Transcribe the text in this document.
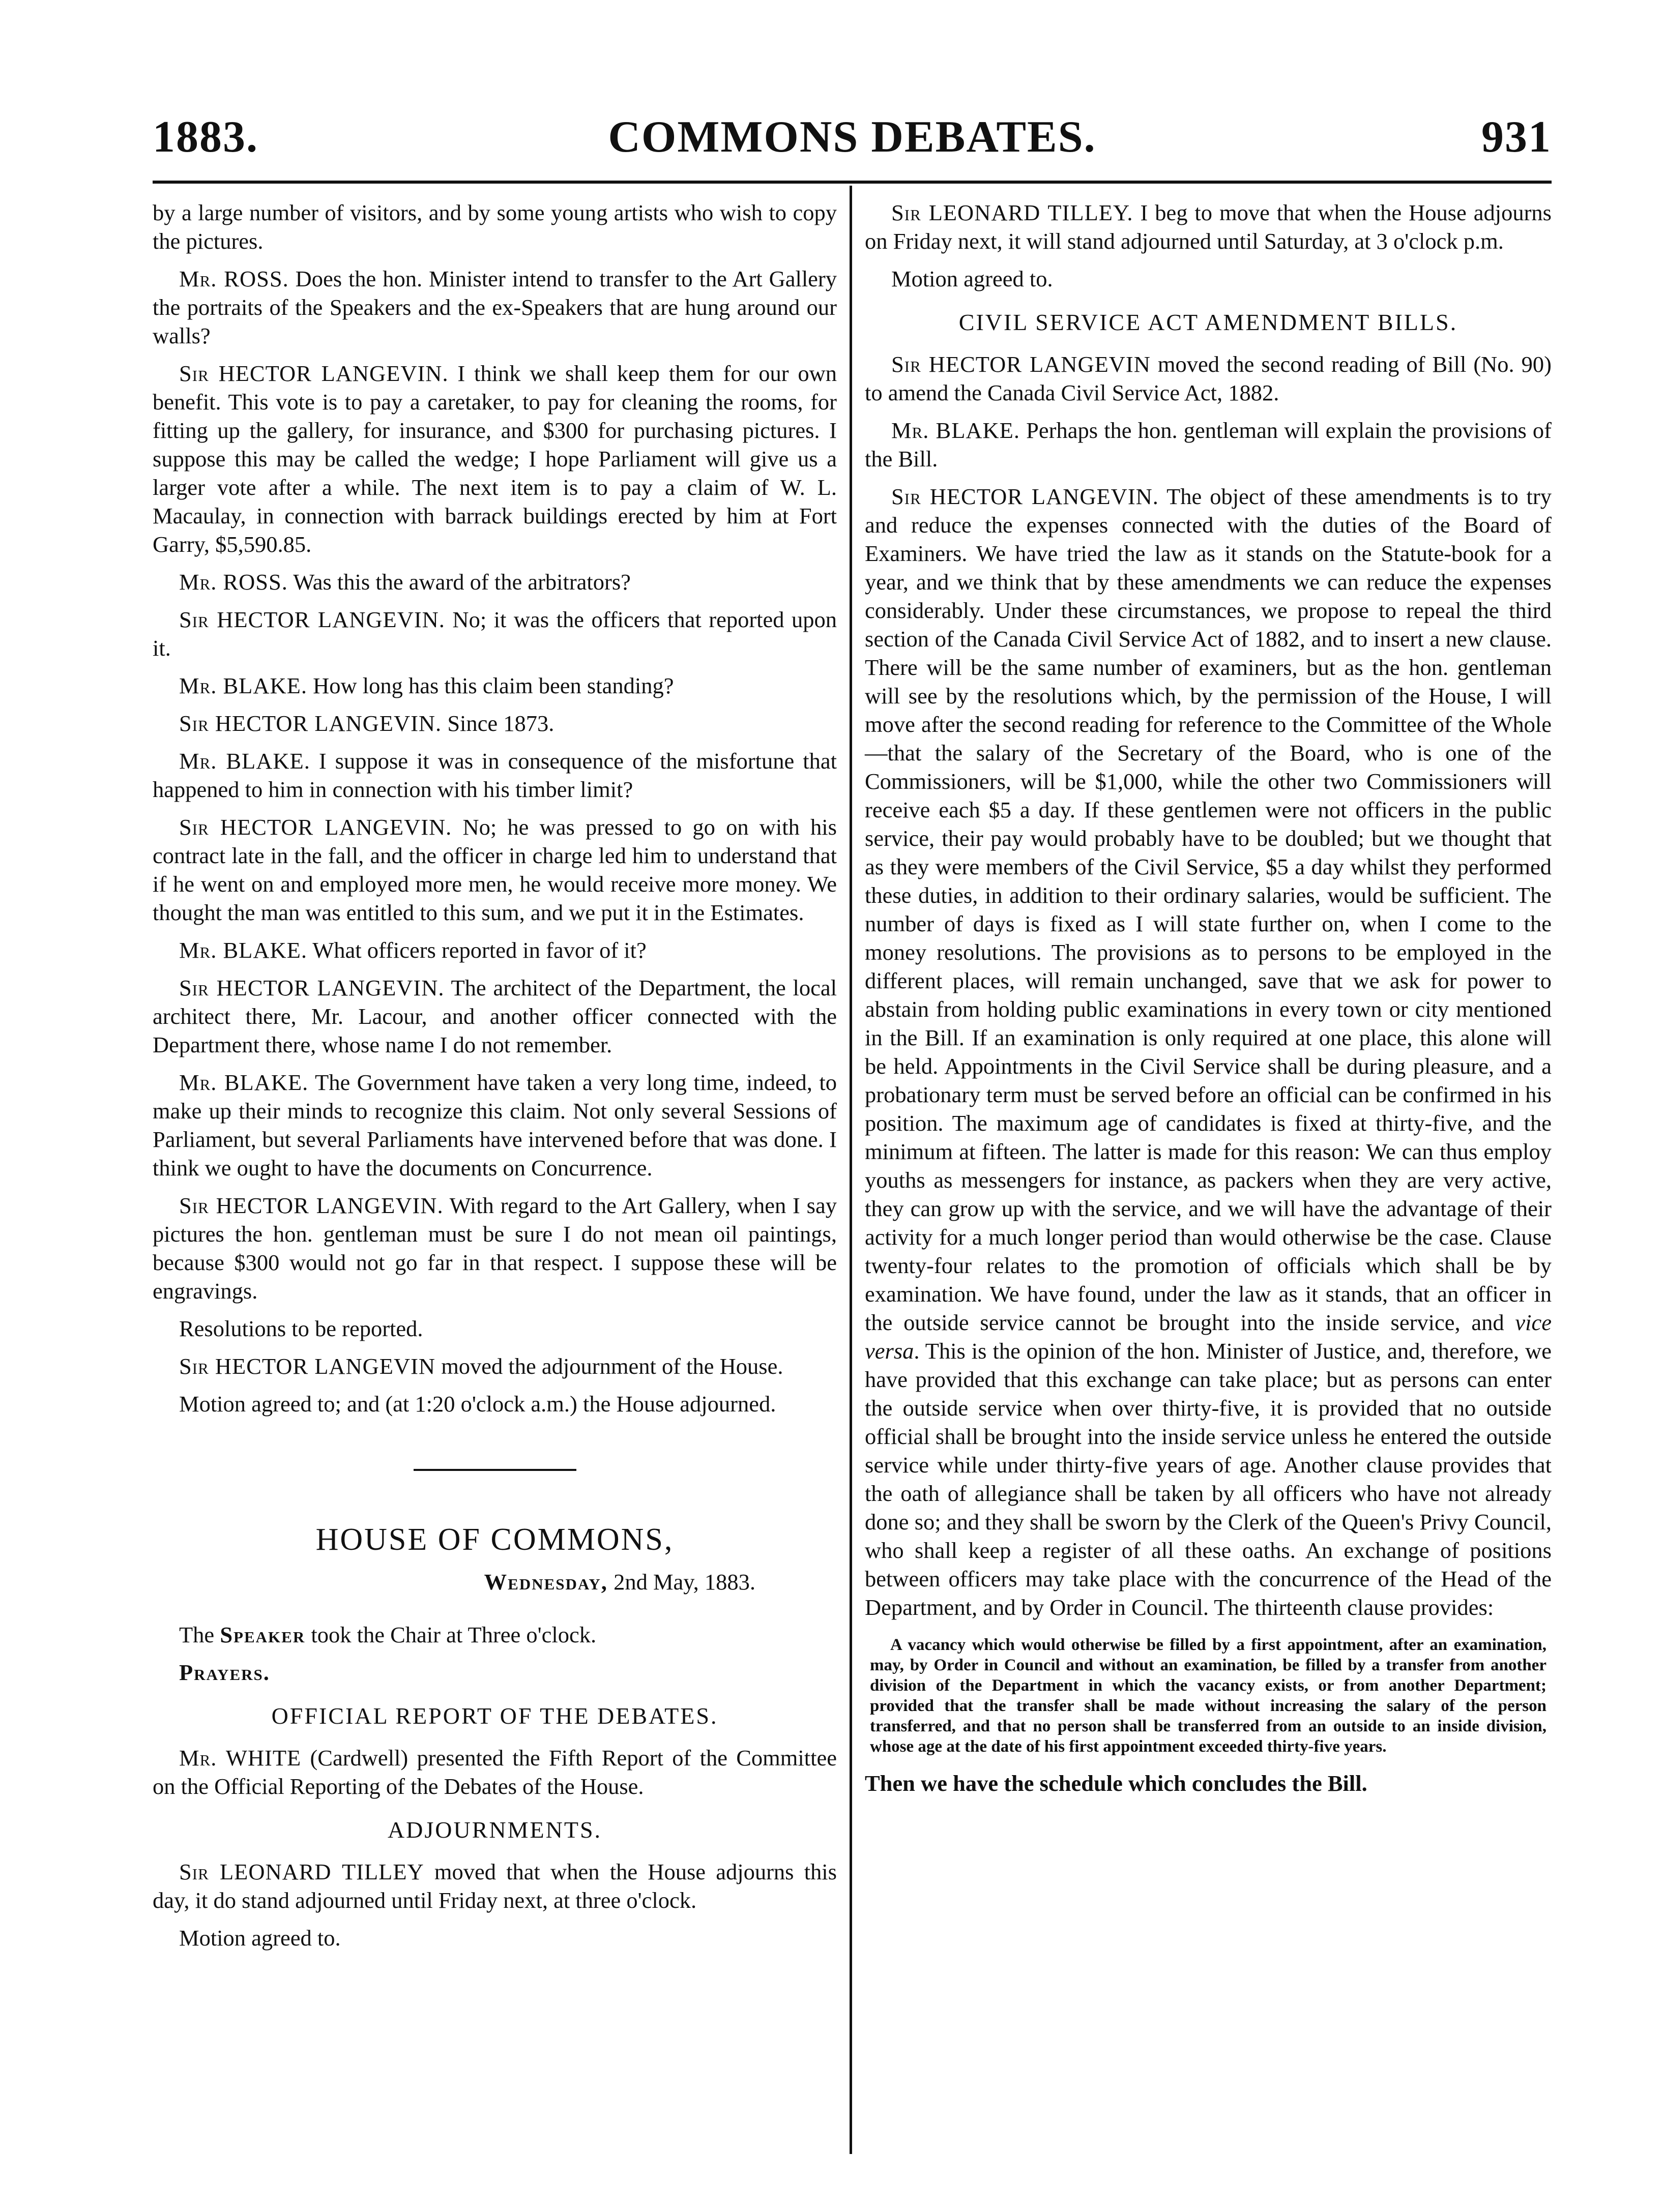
1883.	COMMONS DEBATES.	931

by a large number of visitors, and by some young artists who wish to copy the pictures.

Mr. ROSS. Does the hon. Minister intend to transfer to the Art Gallery the portraits of the Speakers and the ex-Speakers that are hung around our walls?

Sir HECTOR LANGEVIN. I think we shall keep them for our own benefit. This vote is to pay a caretaker, to pay for cleaning the rooms, for fitting up the gallery, for insurance, and $300 for purchasing pictures. I suppose this may be called the wedge; I hope Parliament will give us a larger vote after a while. The next item is to pay a claim of W. L. Macaulay, in connection with barrack buildings erected by him at Fort Garry, $5,590.85.

Mr. ROSS. Was this the award of the arbitrators?

Sir HECTOR LANGEVIN. No; it was the officers that reported upon it.

Mr. BLAKE. How long has this claim been standing?

Sir HECTOR LANGEVIN. Since 1873.

Mr. BLAKE. I suppose it was in consequence of the misfortune that happened to him in connection with his timber limit?

Sir HECTOR LANGEVIN. No; he was pressed to go on with his contract late in the fall, and the officer in charge led him to understand that if he went on and employed more men, he would receive more money. We thought the man was entitled to this sum, and we put it in the Estimates.

Mr. BLAKE. What officers reported in favor of it?

Sir HECTOR LANGEVIN. The architect of the Department, the local architect there, Mr. Lacour, and another officer connected with the Department there, whose name I do not remember.

Mr. BLAKE. The Government have taken a very long time, indeed, to make up their minds to recognize this claim. Not only several Sessions of Parliament, but several Parliaments have intervened before that was done. I think we ought to have the documents on Concurrence.

Sir HECTOR LANGEVIN. With regard to the Art Gallery, when I say pictures the hon. gentleman must be sure I do not mean oil paintings, because $300 would not go far in that respect. I suppose these will be engravings.

Resolutions to be reported.

Sir HECTOR LANGEVIN moved the adjournment of the House.

Motion agreed to; and (at 1:20 o'clock a.m.) the House adjourned.

HOUSE OF COMMONS,

Wednesday, 2nd May, 1883.

The Speaker took the Chair at Three o'clock.

Prayers.

OFFICIAL REPORT OF THE DEBATES.

Mr. WHITE (Cardwell) presented the Fifth Report of the Committee on the Official Reporting of the Debates of the House.

ADJOURNMENTS.

Sir LEONARD TILLEY moved that when the House adjourns this day, it do stand adjourned until Friday next, at three o'clock.

Motion agreed to.

Sir LEONARD TILLEY. I beg to move that when the House adjourns on Friday next, it will stand adjourned until Saturday, at 3 o'clock p.m.

Motion agreed to.

CIVIL SERVICE ACT AMENDMENT BILLS.

Sir HECTOR LANGEVIN moved the second reading of Bill (No. 90) to amend the Canada Civil Service Act, 1882.

Mr. BLAKE. Perhaps the hon. gentleman will explain the provisions of the Bill.

Sir HECTOR LANGEVIN. The object of these amendments is to try and reduce the expenses connected with the duties of the Board of Examiners. We have tried the law as it stands on the Statute-book for a year, and we think that by these amendments we can reduce the expenses considerably. Under these circumstances, we propose to repeal the third section of the Canada Civil Service Act of 1882, and to insert a new clause. There will be the same number of examiners, but as the hon. gentleman will see by the resolutions which, by the permission of the House, I will move after the second reading for reference to the Committee of the Whole—that the salary of the Secretary of the Board, who is one of the Commissioners, will be $1,000, while the other two Commissioners will receive each $5 a day. If these gentlemen were not officers in the public service, their pay would probably have to be doubled; but we thought that as they were members of the Civil Service, $5 a day whilst they performed these duties, in addition to their ordinary salaries, would be sufficient. The number of days is fixed as I will state further on, when I come to the money resolutions. The provisions as to persons to be employed in the different places, will remain unchanged, save that we ask for power to abstain from holding public examinations in every town or city mentioned in the Bill. If an examination is only required at one place, this alone will be held. Appointments in the Civil Service shall be during pleasure, and a probationary term must be served before an official can be confirmed in his position. The maximum age of candidates is fixed at thirty-five, and the minimum at fifteen. The latter is made for this reason: We can thus employ youths as messengers for instance, as packers when they are very active, they can grow up with the service, and we will have the advantage of their activity for a much longer period than would otherwise be the case. Clause twenty-four relates to the promotion of officials which shall be by examination. We have found, under the law as it stands, that an officer in the outside service cannot be brought into the inside service, and vice versa. This is the opinion of the hon. Minister of Justice, and, therefore, we have provided that this exchange can take place; but as persons can enter the outside service when over thirty-five, it is provided that no outside official shall be brought into the inside service unless he entered the outside service while under thirty-five years of age. Another clause provides that the oath of allegiance shall be taken by all officers who have not already done so; and they shall be sworn by the Clerk of the Queen's Privy Council, who shall keep a register of all these oaths. An exchange of positions between officers may take place with the concurrence of the Head of the Department, and by Order in Council. The thirteenth clause provides:

A vacancy which would otherwise be filled by a first appointment, after an examination, may, by Order in Council and without an examination, be filled by a transfer from another division of the Department in which the vacancy exists, or from another Department; provided that the transfer shall be made without increasing the salary of the person transferred, and that no person shall be transferred from an outside to an inside division, whose age at the date of his first appointment exceeded thirty-five years.

Then we have the schedule which concludes the Bill.
